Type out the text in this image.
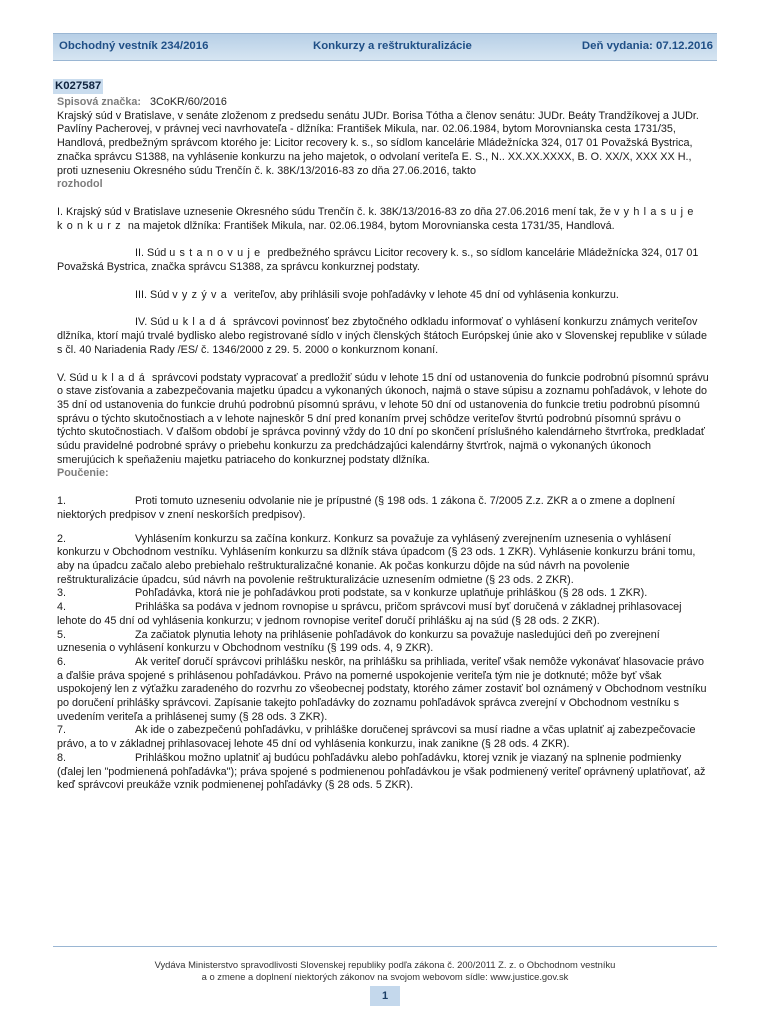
Obchodný vestník 234/2016	Konkurzy a reštrukturalizácie	Deň vydania: 07.12.2016
K027587

Spisová značka: 3CoKR/60/2016

Krajský súd v Bratislave, v senáte zloženom z predsedu senátu JUDr. Borisa Tótha a členov senátu: JUDr. Beáty Trandžíkovej a JUDr. Pavlíny Pacherovej, v právnej veci navrhovateľa - dlžníka: František Mikula, nar. 02.06.1984, bytom Morovnianska cesta 1731/35, Handlová, predbežným správcom ktorého je: Licitor recovery k. s., so sídlom kancelárie Mládežnícka 324, 017 01 Považská Bystrica, značka správcu S1388, na vyhlásenie konkurzu na jeho majetok, o odvolaní veriteľa E. S., N.. XX.XX.XXXX, B. O. XX/X, XXX XX H., proti uzneseniu Okresného súdu Trenčín č. k. 38K/13/2016-83 zo dňa 27.06.2016, takto

rozhodol

I. Krajský súd v Bratislave uznesenie Okresného súdu Trenčín č. k. 38K/13/2016-83 zo dňa 27.06.2016 mení tak, že vyhlasuje konkurz na majetok dlžníka: František Mikula, nar. 02.06.1984, bytom Morovnianska cesta 1731/35, Handlová.

II. Súd ustanovuje predbežného správcu Licitor recovery k. s., so sídlom kancelárie Mládežnícka 324, 017 01 Považská Bystrica, značka správcu S1388, za správcu konkurznej podstaty.

III. Súd vyzýva veriteľov, aby prihlásili svoje pohľadávky v lehote 45 dní od vyhlásenia konkurzu.

IV. Súd ukladá správcovi povinnosť bez zbytočného odkladu informovať o vyhlásení konkurzu známych veriteľov dlžníka, ktorí majú trvalé bydlisko alebo registrované sídlo v iných členských štátoch Európskej únie ako v Slovenskej republike v súlade s čl. 40 Nariadenia Rady /ES/ č. 1346/2000 z 29. 5. 2000 o konkurznom konaní.

V. Súd ukladá správcovi podstaty vypracovať a predložiť súdu v lehote 15 dní od ustanovenia do funkcie podrobnú písomnú správu o stave zisťovania a zabezpečovania majetku úpadcu a vykonaných úkonoch, najmä o stave súpisu a zoznamu pohľadávok, v lehote do 35 dní od ustanovenia do funkcie druhú podrobnú písomnú správu, v lehote 50 dní od ustanovenia do funkcie tretiu podrobnú písomnú správu o týchto skutočnostiach a v lehote najneskôr 5 dní pred konaním prvej schôdze veriteľov štvrtú podrobnú písomnú správu o týchto skutočnostiach. V ďalšom období je správca povinný vždy do 10 dní po skončení príslušného kalendárneho štvrťroka, predkladať súdu pravidelné podrobné správy o priebehu konkurzu za predchádzajúci kalendárny štvrťrok, najmä o vykonaných úkonoch smerujúcich k speňaženiu majetku patriaceho do konkurznej podstaty dlžníka.

Poučenie:

1.	Proti tomuto uzneseniu odvolanie nie je prípustné (§ 198 ods. 1 zákona č. 7/2005 Z.z. ZKR a o zmene a doplnení niektorých predpisov v znení neskorších predpisov).

2.	Vyhlásením konkurzu sa začína konkurz. Konkurz sa považuje za vyhlásený zverejnením uznesenia o vyhlásení konkurzu v Obchodnom vestníku. Vyhlásením konkurzu sa dlžník stáva úpadcom (§ 23 ods. 1 ZKR). Vyhlásenie konkurzu bráni tomu, aby na úpadcu začalo alebo prebiehalo reštrukturalizačné konanie. Ak počas konkurzu dôjde na súd návrh na povolenie reštrukturalizácie úpadcu, súd návrh na povolenie reštrukturalizácie uznesením odmietne (§ 23 ods. 2 ZKR).

3.	Pohľadávka, ktorá nie je pohľadávkou proti podstate, sa v konkurze uplatňuje prihláškou (§ 28 ods. 1 ZKR).

4.	Prihláška sa podáva v jednom rovnopise u správcu, pričom správcovi musí byť doručená v základnej prihlasovacej lehote do 45 dní od vyhlásenia konkurzu; v jednom rovnopise veriteľ doručí prihlášku aj na súd (§ 28 ods. 2 ZKR).

5.	Za začiatok plynutia lehoty na prihlásenie pohľadávok do konkurzu sa považuje nasledujúci deň po zverejnení uznesenia o vyhlásení konkurzu v Obchodnom vestníku (§ 199 ods. 4, 9 ZKR).

6.	Ak veriteľ doručí správcovi prihlášku neskôr, na prihlášku sa prihliada, veriteľ však nemôže vykonávať hlasovacie právo a ďalšie práva spojené s prihlásenou pohľadávkou. Právo na pomerné uspokojenie veriteľa tým nie je dotknuté; môže byť však uspokojený len z výťažku zaradeného do rozvrhu zo všeobecnej podstaty, ktorého zámer zostaviť bol oznámený v Obchodnom vestníku po doručení prihlášky správcovi. Zapísanie takejto pohľadávky do zoznamu pohľadávok správca zverejní v Obchodnom vestníku s uvedením veriteľa a prihlásenej sumy (§ 28 ods. 3 ZKR).

7.	Ak ide o zabezpečenú pohľadávku, v prihláške doručenej správcovi sa musí riadne a včas uplatniť aj zabezpečovacie právo, a to v základnej prihlasovacej lehote 45 dní od vyhlásenia konkurzu, inak zanikne (§ 28 ods. 4 ZKR).

8.	Prihláškou možno uplatniť aj budúcu pohľadávku alebo pohľadávku, ktorej vznik je viazaný na splnenie podmienky (ďalej len "podmienená pohľadávka"); práva spojené s podmienenou pohľadávkou je však podmienený veriteľ oprávnený uplatňovať, až keď správcovi preukáže vznik podmienenej pohľadávky (§ 28 ods. 5 ZKR).

Vydáva Ministerstvo spravodlivosti Slovenskej republiky podľa zákona č. 200/2011 Z. z. o Obchodnom vestníku
a o zmene a doplnení niektorých zákonov na svojom webovom sídle: www.justice.gov.sk
1
